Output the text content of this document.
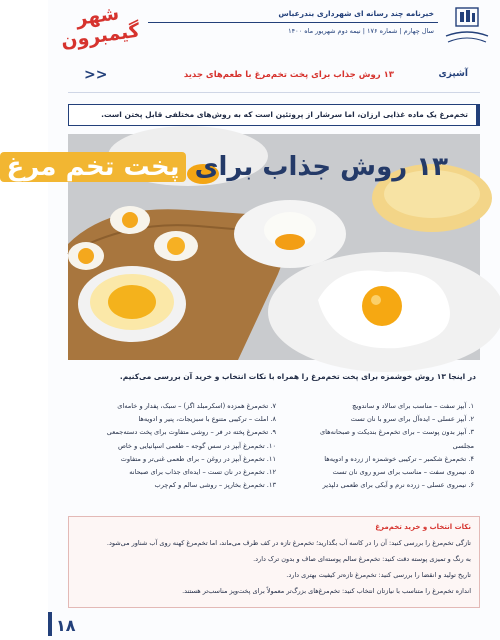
خبرنامه چند رسانه ای شهرداری بندرعباس
سال چهارم | شماره ۱۷۶ | نیمه دوم شهریور ماه ۱۴۰۰
شهر گیمبرون
آشپزی
۱۳ روش جذاب برای پخت تخم‌مرغ با طعم‌های جدید
>>
تخم‌مرغ یک ماده غذایی ارزان، اما سرشار از پروتئین است که به روش‌های مختلفی قابل پختن است.
۱۳ روش جذاب برای پخت تخم مرغ
در اینجا ۱۳ روش خوشمزه برای پخت تخم‌مرغ را همراه با نکات انتخاب و خرید آن بررسی می‌کنیم.
۱. آبپز سفت – مناسب برای سالاد و ساندویچ
۲. آبپز عسلی – ایده‌آل برای سرو با نان تست
۳. آبپز بدون پوست – برای تخم‌مرغ بندیکت و صبحانه‌های
مجلسی
۴. تخم‌مرغ شکمبر – ترکیبی خوشمزه از زرده و ادویه‌ها
۵. نیمروی سفت – مناسب برای سرو روی نان تست
۶. نیمروی عسلی – زرده نرم و آبکی برای طعمی دلپذیر
۷. تخم‌مرغ همزده (اسکرمبلد اگز) – سبک، پفدار و خامه‌ای
۸. املت – ترکیبی متنوع با سبزیجات، پنیر و ادویه‌ها
۹. تخم‌مرغ پخته در فر – روشی متفاوت برای پخت دسته‌جمعی
۱۰. تخم‌مرغ آبپز در سس گوجه – طعمی اسپانیایی و خاص
۱۱. تخم‌مرغ آبپز در روغن – برای طعمی غنی‌تر و متفاوت
۱۲. تخم‌مرغ در نان تست – ایده‌ای جذاب برای صبحانه
۱۳. تخم‌مرغ بخارپز – روشی سالم و کم‌چرب
نکات انتخاب و خرید تخم‌مرغ
تازگی تخم‌مرغ را بررسی کنید: آن را در کاسه آب بگذارید؛ تخم‌مرغ تازه در کف ظرف می‌ماند، اما تخم‌مرغ کهنه روی آب شناور می‌شود.
به رنگ و تمیزی پوسته دقت کنید: تخم‌مرغ سالم پوسته‌ای صاف و بدون ترک دارد.
تاریخ تولید و انقضا را بررسی کنید: تخم‌مرغ تازه‌تر کیفیت بهتری دارد.
اندازه تخم‌مرغ را متناسب با نیازتان انتخاب کنید: تخم‌مرغ‌های بزرگ‌تر معمولاً برای پخت‌وپز مناسب‌تر هستند.
۱۸
